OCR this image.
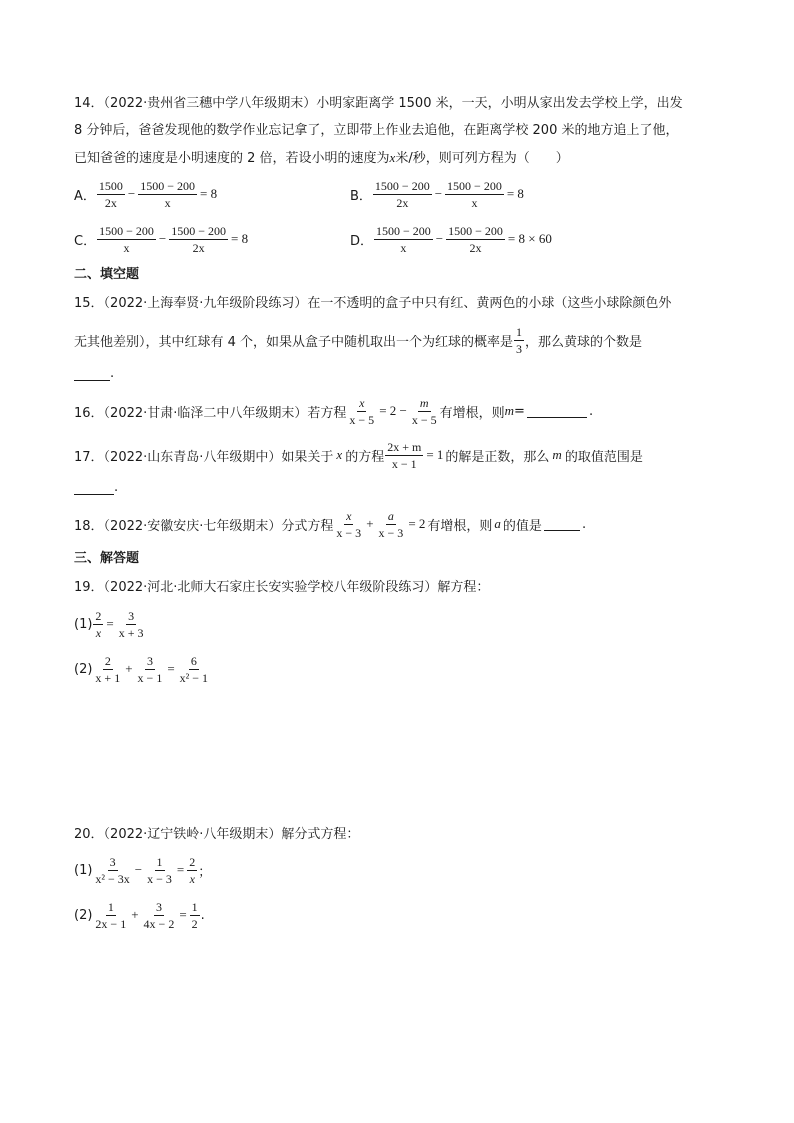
14．（2022·贵州省三穗中学八年级期末）小明家距离学 1500 米，一天，小明从家出发去学校上学，出发
8 分钟后，爸爸发现他的数学作业忘记拿了，立即带上作业去追他，在距离学校 200 米的地方追上了他，
已知爸爸的速度是小明速度的 2 倍，若设小明的速度为x米/秒，则可列方程为（　　）
A． $\frac{1500}{2x} - \frac{1500 - 200}{x} = 8$	B． $\frac{1500 - 200}{2x} - \frac{1500 - 200}{x} = 8$
C． $\frac{1500 - 200}{x} - \frac{1500 - 200}{2x} = 8$	D． $\frac{1500 - 200}{x} - \frac{1500 - 200}{2x} = 8 \times 60$
二、填空题
15．（2022·上海奉贤·九年级阶段练习）在一不透明的盒子中只有红、黄两色的小球（这些小球除颜色外
无其他差别），其中红球有 4 个，如果从盒子中随机取出一个为红球的概率是 $\frac{1}{3}$ ，那么黄球的个数是
.
16．（2022·甘肃·临泽二中八年级期末）若方程 $\frac{x}{x - 5} = 2 - \frac{m}{x - 5}$ 有增根，则 m =	.
17．（2022·山东青岛·八年级期中）如果关于 x 的方程 $\frac{2x + m}{x - 1} = 1$ 的解是正数，那么 m 的取值范围是
.
18．（2022·安徽安庆·七年级期末）分式方程 $\frac{x}{x - 3} + \frac{a}{x - 3} = 2$ 有增根，则 a 的值是	.
三、解答题
19．（2022·河北·北师大石家庄长安实验学校八年级阶段练习）解方程：
$(1) \frac{2}{x} = \frac{3}{x + 3}$
$(2) \frac{2}{x + 1} + \frac{3}{x - 1} = \frac{6}{\text{x² − 1}}$
20．（2022·辽宁铁岭·八年级期末）解分式方程：
$(1) \frac{3}{\text{x² − 3x}} - \frac{1}{x - 3} = \frac{2}{x}$ ；
$(2) \frac{1}{2x - 1} + \frac{3}{4x - 2} = \frac{1}{2}$ .
